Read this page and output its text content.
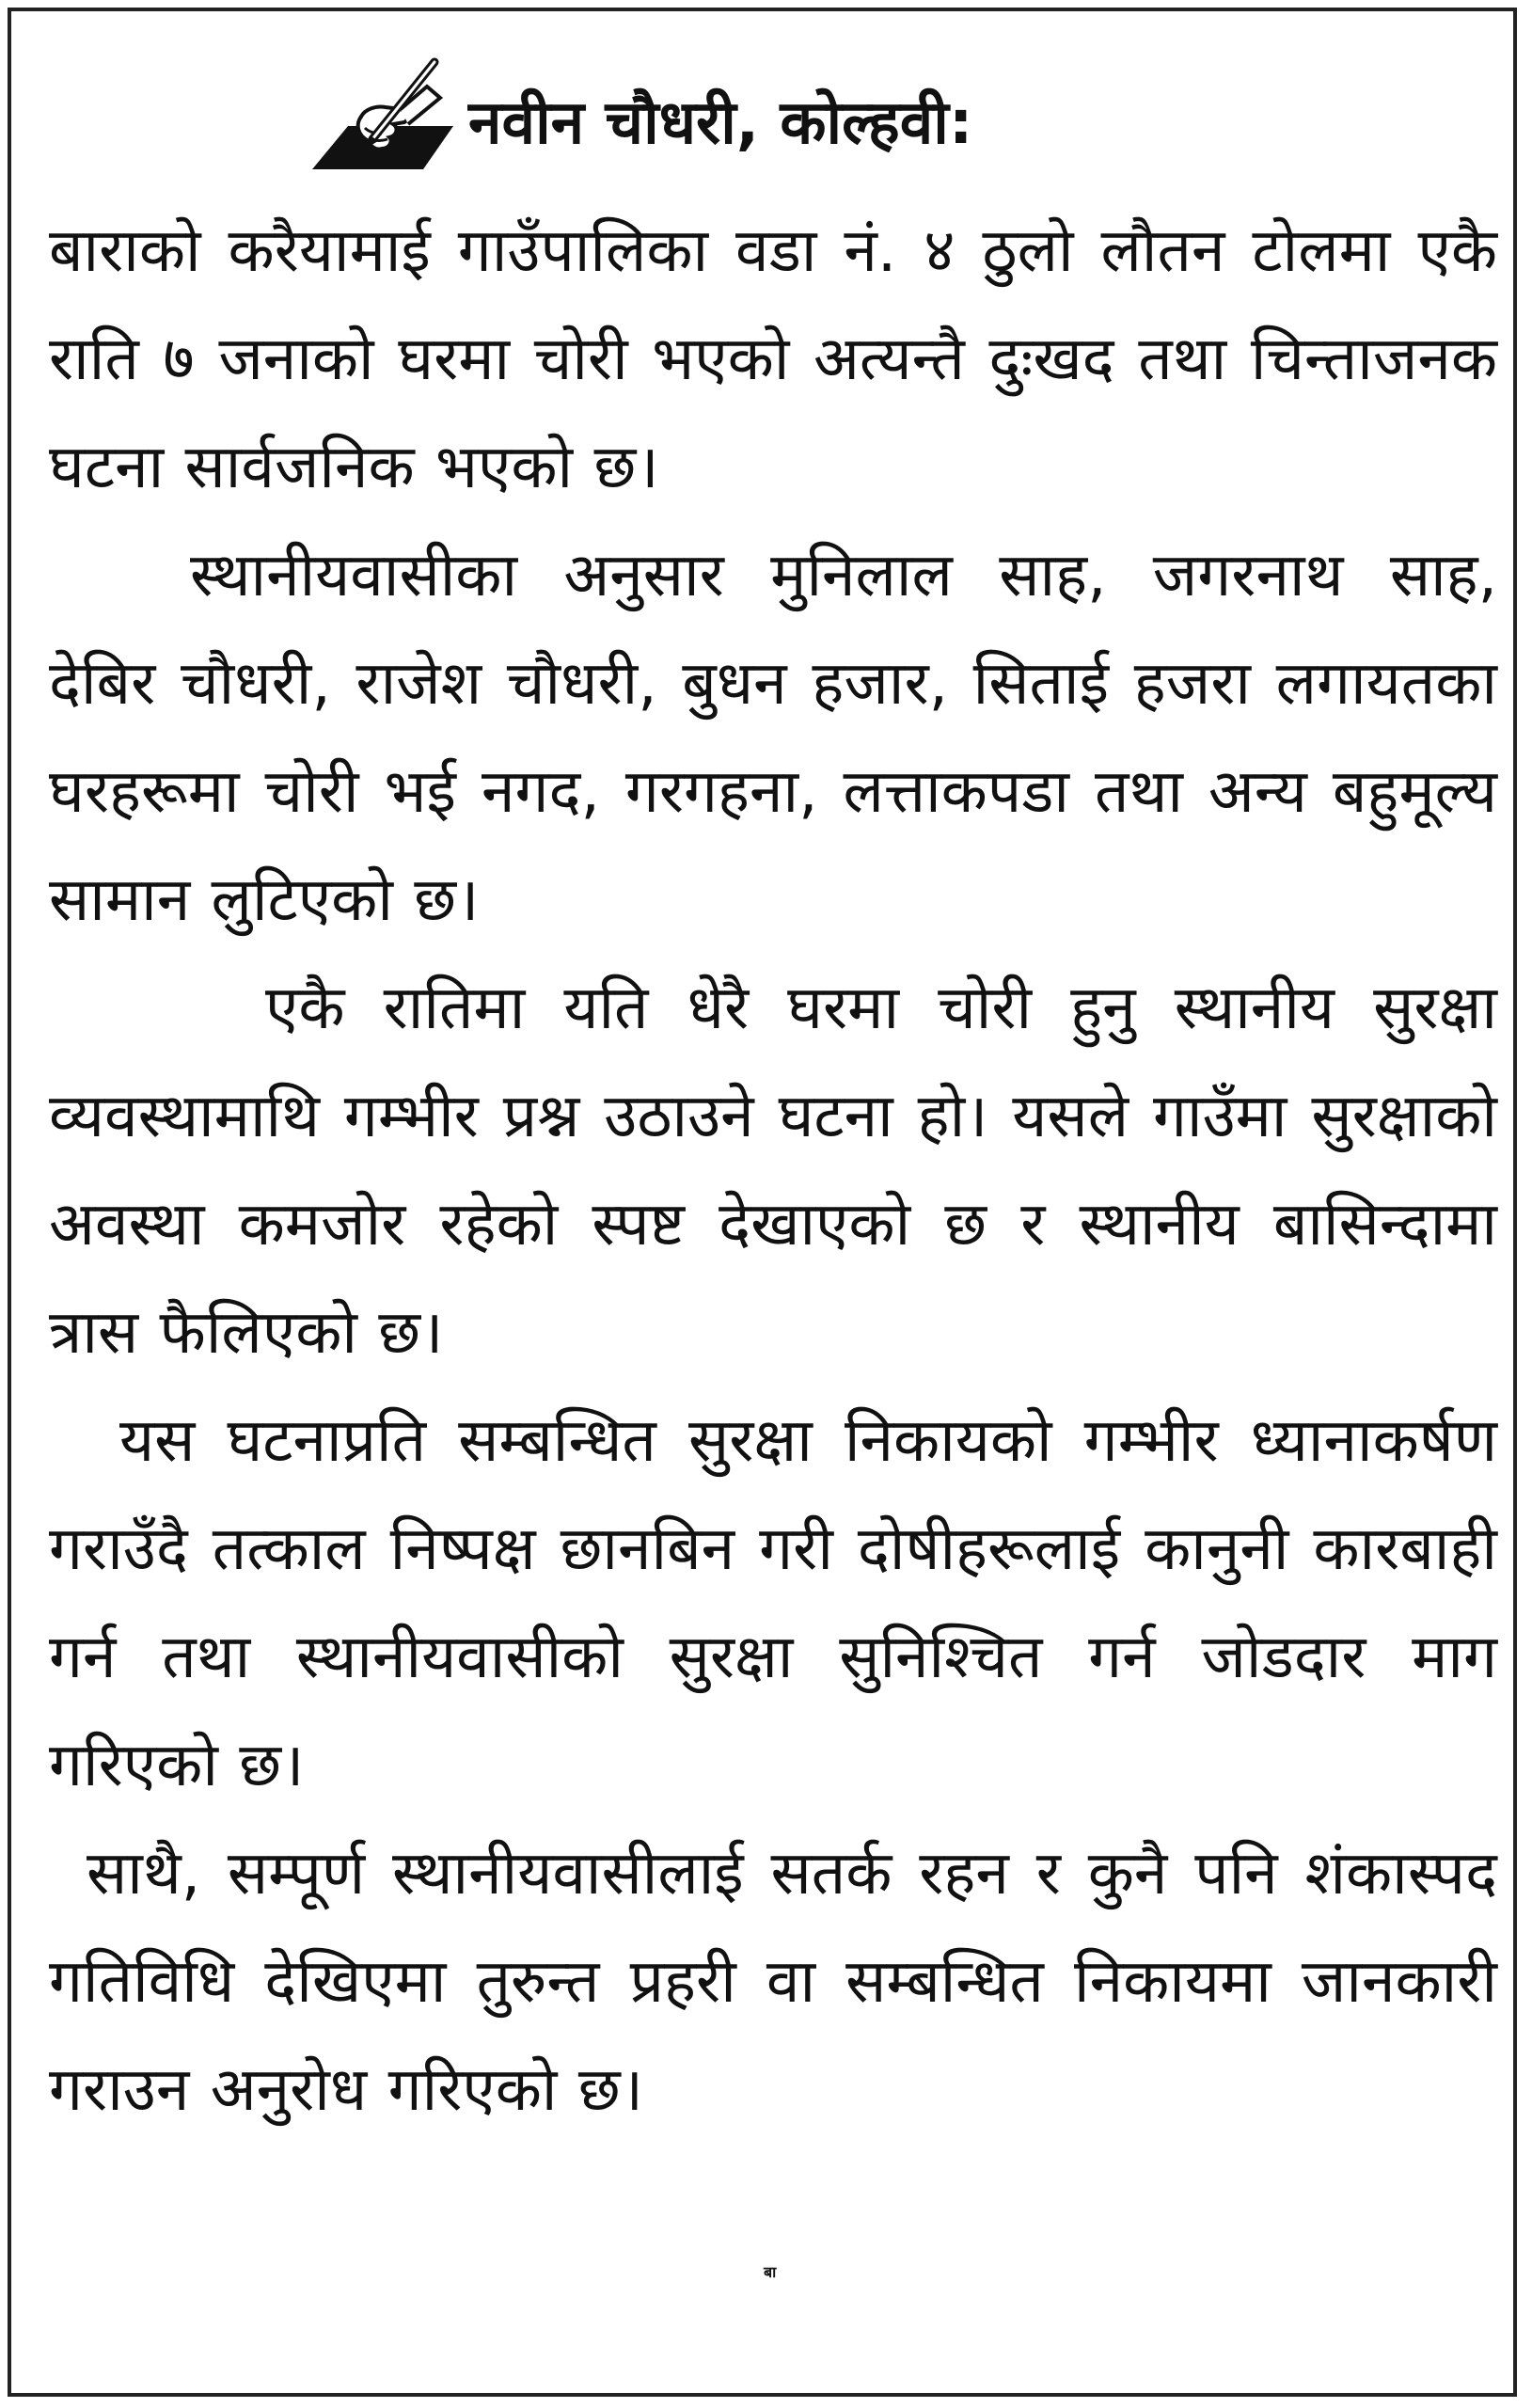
नवीन चौधरी, कोल्हवी:

बाराको करैयामाई गाउँपालिका वडा नं. ४ ठुलो लौतन टोलमा एकै राति ७ जनाको घरमा चोरी भएको अत्यन्तै दुःखद तथा चिन्ताजनक घटना सार्वजनिक भएको छ।

स्थानीयवासीका अनुसार मुनिलाल साह, जगरनाथ साह, देबिर चौधरी, राजेश चौधरी, बुधन हजार, सिताई हजरा लगायतका घरहरूमा चोरी भई नगद, गरगहना, लत्ताकपडा तथा अन्य बहुमूल्य सामान लुटिएको छ।

एकै रातिमा यति धेरै घरमा चोरी हुनु स्थानीय सुरक्षा व्यवस्थामाथि गम्भीर प्रश्न उठाउने घटना हो। यसले गाउँमा सुरक्षाको अवस्था कमजोर रहेको स्पष्ट देखाएको छ र स्थानीय बासिन्दामा त्रास फैलिएको छ।

यस घटनाप्रति सम्बन्धित सुरक्षा निकायको गम्भीर ध्यानाकर्षण गराउँदै तत्काल निष्पक्ष छानबिन गरी दोषीहरूलाई कानुनी कारबाही गर्न तथा स्थानीयवासीको सुरक्षा सुनिश्चित गर्न जोडदार माग गरिएको छ।

साथै, सम्पूर्ण स्थानीयवासीलाई सतर्क रहन र कुनै पनि शंकास्पद गतिविधि देखिएमा तुरुन्त प्रहरी वा सम्बन्धित निकायमा जानकारी गराउन अनुरोध गरिएको छ।

बा
